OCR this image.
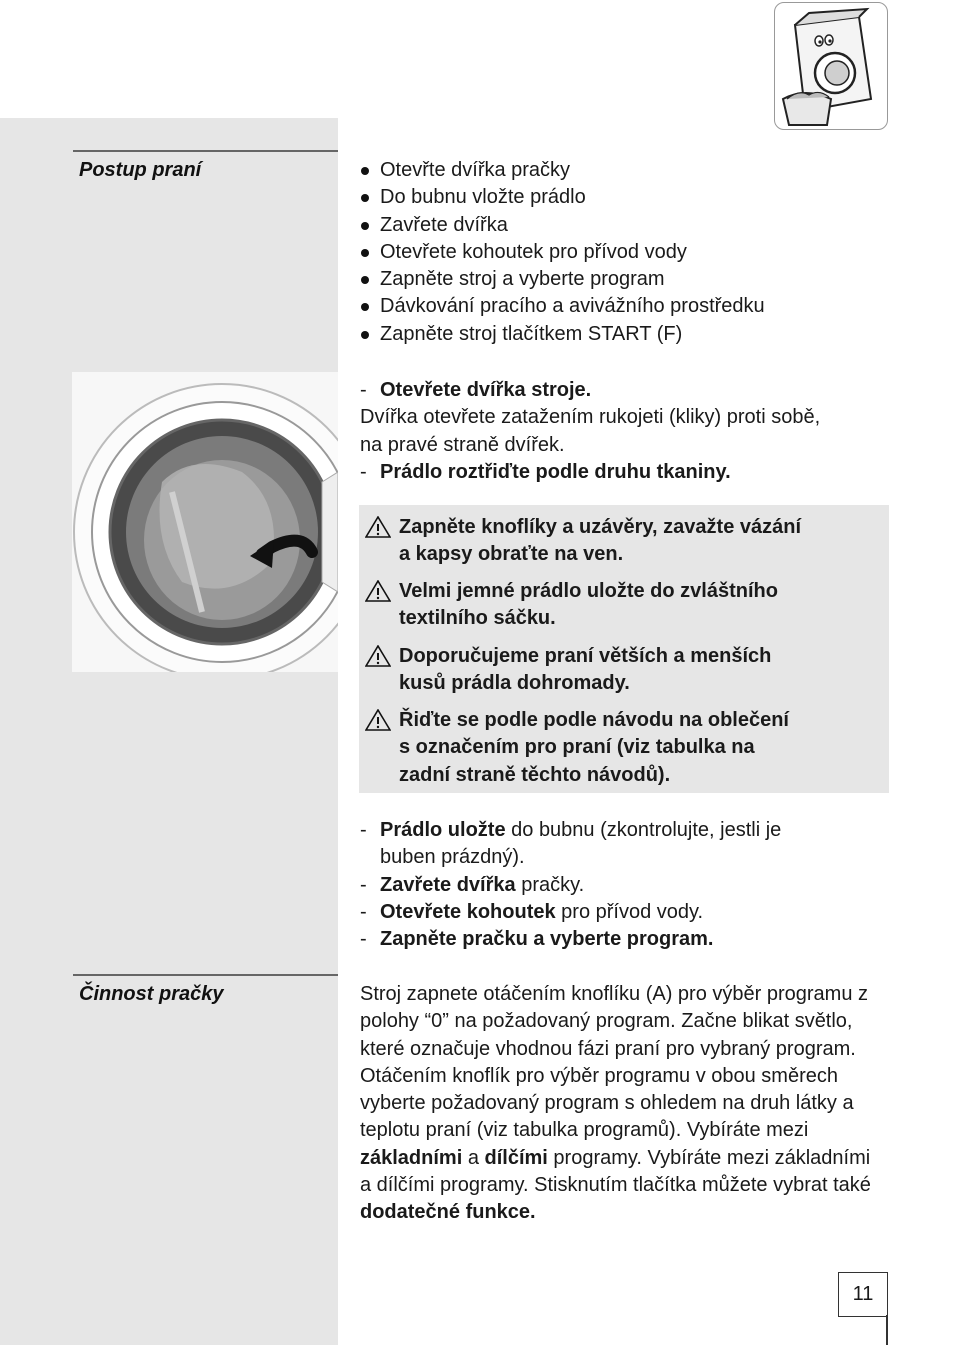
Postup praní	Otevřte dvířka pračky
Do bubnu vložte prádlo
Zavřete dvířka
Otevřete kohoutek pro přívod vody
Zapněte stroj a vyberte program
Dávkování pracího a avivážního prostředku
Zapněte stroj tlačítkem START (F)

- Otevřete dvířka stroje.

Dvířka otevřete zatažením rukojeti (kliky) proti sobě,

na pravé straně dvířek.

- Prádlo roztřiďte podle druhu tkaniny.

Zapněte knoflíky a uzávěry, zavažte vázání
a kapsy obraťte na ven.
Velmi jemné prádlo uložte do zvláštního
textilního sáčku.
Doporučujeme praní větších a menších
kusů prádla dohromady.
Řiďte se podle podle návodu na oblečení
s označením pro praní (viz tabulka na
zadní straně těchto návodů).

- Prádlo uložte do bubnu (zkontrolujte, jestli je

buben prázdný).

- Zavřete dvířka pračky.

- Otevřete kohoutek pro přívod vody.

- Zapněte pračku a vyberte program.

Činnost pračky	Stroj zapnete otáčením knoflíku (A) pro výběr programu z polohy “0” na požadovaný program. Začne blikat světlo, které označuje vhodnou fázi praní pro vybraný program. Otáčením knoflík pro výběr programu v obou směrech vyberte požadovaný program s ohledem na druh látky a teplotu praní (viz tabulka programů). Vybíráte mezi základními a dílčími programy. Vybíráte mezi základními a dílčími programy. Stisknutím tlačítka můžete vybrat také dodatečné funkce.

11
